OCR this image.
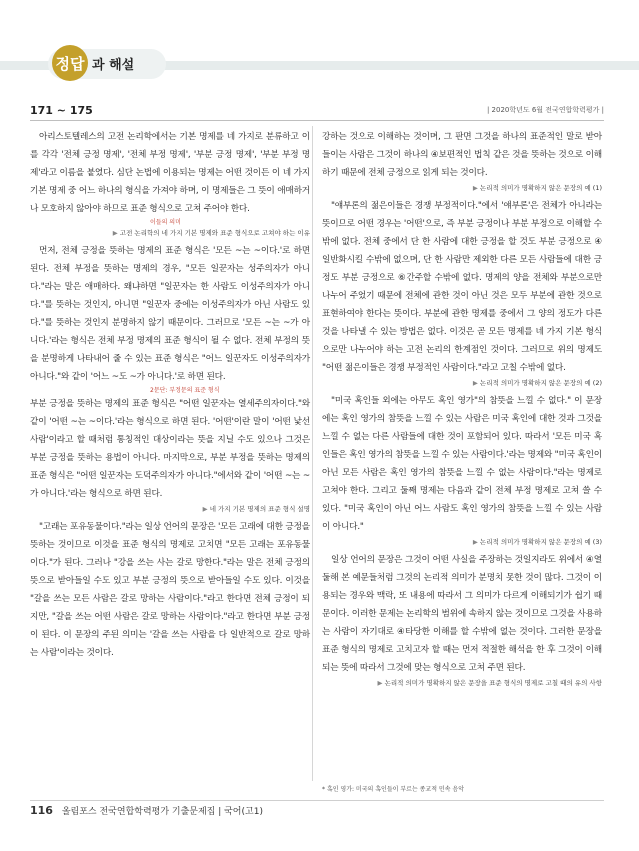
정답 과 해설
171 ~ 175	| 2020학년도 6월 전국연합학력평가 |

아리스토텔레스의 고전 논리학에서는 기본 명제를 네 가지로 분류하고 이를 각각 '전체 긍정 명제', '전체 부정 명제', '부분 긍정 명제', '부분 부정 명제'라고 이름을 붙였다. 심단 논법에 이용되는 명제는 어떤 것이든 이 네 가지 기본 명제 중 어느 하나의 형식을 가져야 하며, 이 명제들은 그 뜻이 애매하거나 모호하지 않아야 하므로 표준 형식으로 고쳐 주어야 한다.

이들의 의미

▶ 고전 논리학의 네 가지 기본 명제와 표준 형식으로 고쳐야 하는 이유

먼저, 전체 긍정을 뜻하는 명제의 표준 형식은 '모든 ~는 ~이다.'로 하면 된다. 전체 부정을 뜻하는 명제의 경우, "모든 일꾼자는 성주의자가 아니다."라는 말은 애매하다. 왜냐하면 "일꾼자는 한 사람도 이성주의자가 아니다."를 뜻하는 것인지, 아니면 "일꾼자 중에는 이성주의자가 아닌 사람도 있다."를 뜻하는 것인지 분명하지 않기 때문이다. 그러므로 '모든 ~는 ~가 아니다.'라는 형식은 전체 부정 명제의 표준 형식이 될 수 없다. 전체 부정의 뜻을 분명하게 나타내어 줄 수 있는 표준 형식은 "어느 일꾼자도 이성주의자가 아니다."와 같이 '어느 ~도 ~가 아니다.'로 하면 된다.

2문단: 부정문의 표준 형식

부분 긍정을 뜻하는 명제의 표준 형식은 "어떤 일꾼자는 열세주의자이다."와 같이 '어떤 ~는 ~이다.'라는 형식으로 하면 된다. '어떤'이란 말이 '어떤 낯선 사람'이라고 할 때처럼 통칭적인 대상이라는 뜻을 지닐 수도 있으나 그것은 부분 긍정을 뜻하는 용법이 아니다. 마지막으로, 부분 부정을 뜻하는 명제의 표준 형식은 "어떤 일꾼자는 도덕주의자가 아니다."에서와 같이 '어떤 ~는 ~가 아니다.'라는 형식으로 하면 된다.

▶ 네 가지 기본 명제의 표준 형식 설명

"고래는 포유동물이다."라는 일상 언어의 문장은 '모든 고래에 대한 긍정을 뜻하는 것이므로 이것을 표준 형식의 명제로 고치면 "모든 고래는 포유동물이다."가 된다. 그러나 "강을 쓰는 사는 갈로 망한다."라는 말은 전체 긍정의 뜻으로 받아들일 수도 있고 부분 긍정의 뜻으로 받아들일 수도 있다. 이것을 "갈을 쓰는 모든 사람은 갈로 망하는 사람이다."라고 한다면 전체 긍정이 되지만, "갈을 쓰는 어떤 사람은 갈로 망하는 사람이다."라고 한다면 부분 긍정이 된다. 이 문장의 주된 의미는 '갈을 쓰는 사람을 다 일반적으로 갈로 망하는 사람'이라는 것이다.

강하는 것으로 이해하는 것이며, 그 판면 그것을 하나의 표준적인 말로 받아들이는 사람은 그것이 하나의 ④보편적인 법칙 같은 것을 뜻하는 것으로 이해하기 때문에 전체 긍정으로 읽게 되는 것이다.

▶ 논리적 의미가 명확하지 않은 문장의 예 (1)

"얘부론의 젊은이들은 경쟁 부정적이다."에서 '얘부론'은 전체가 아니라는 뜻이므로 어떤 경우는 '어떤'으로, 즉 부분 긍정이나 부분 부정으로 이해할 수밖에 없다. 전체 중에서 단 한 사람에 대한 긍정을 할 것도 부분 긍정으로 ④일반화시킬 수밖에 없으며, 단 한 사람만 제외한 다른 모든 사람들에 대한 긍정도 부분 긍정으로 ⑥간주할 수밖에 없다. 명제의 양을 전체와 부분으로만 나누어 주었기 때문에 전체에 관한 것이 아닌 것은 모두 부분에 관한 것으로 표현하여야 한다는 뜻이다. 부분에 관한 명제를 중에서 그 양의 정도가 다른 것을 나타낼 수 있는 방법은 없다. 이것은 곧 모든 명제를 네 가지 기본 형식으로만 나누어야 하는 고전 논리의 한계점인 것이다. 그러므로 위의 명제도 "어떤 젊은이들은 경쟁 부정적인 사람이다."라고 고칠 수밖에 없다.

▶ 논리적 의미가 명확하지 않은 문장의 예 (2)

"미국 혹인들 외에는 아무도 혹인 영가"의 참뜻을 느낄 수 없다." 이 문장에는 혹인 영가의 참뜻을 느낄 수 있는 사람은 미국 혹인에 대한 것과 그것을 느낄 수 없는 다른 사람들에 대한 것이 포함되어 있다. 따라서 '모든 미국 혹인들은 혹인 영가의 참뜻을 느낄 수 있는 사람이다.'라는 명제와 "미국 혹인이 아닌 모든 사람은 혹인 영가의 참뜻을 느낄 수 없는 사람이다."라는 명제로 고쳐야 한다. 그리고 둘째 명제는 다음과 같이 전체 부정 명제로 고쳐 쓸 수 있다. "미국 혹인이 아닌 어느 사람도 혹인 영가의 참뜻을 느낄 수 있는 사람이 아니다."

▶ 논리적 의미가 명확하지 않은 문장의 예 (3)

일상 언어의 문장은 그것이 어떤 사실을 주장하는 것일지라도 위에서 ④열둘해 본 예문들처럼 그것의 논리적 의미가 분명치 못한 것이 많다. 그것이 이용되는 경우와 맥락, 또 내용에 따라서 그 의미가 다르게 이해되기가 쉽기 때문이다. 이러한 문제는 논리학의 범위에 속하지 않는 것이므로 그것을 사용하는 사람이 자기대로 ④타당한 이해를 할 수밖에 없는 것이다. 그러한 문장을 표준 형식의 명제로 고치고자 할 때는 먼저 적절한 해석을 한 후 그것이 이해되는 뜻에 따라서 그것에 맞는 형식으로 고쳐 주면 된다.

▶ 논리적 의미가 명확하지 않은 문장을 표준 형식의 명제로 고칠 때의 유의 사항

* 혹인 영가: 미국의 혹인들이 부르는 종교적 민속 음악
116 올림포스 전국연합학력평가 기출문제집 | 국어(고1)
